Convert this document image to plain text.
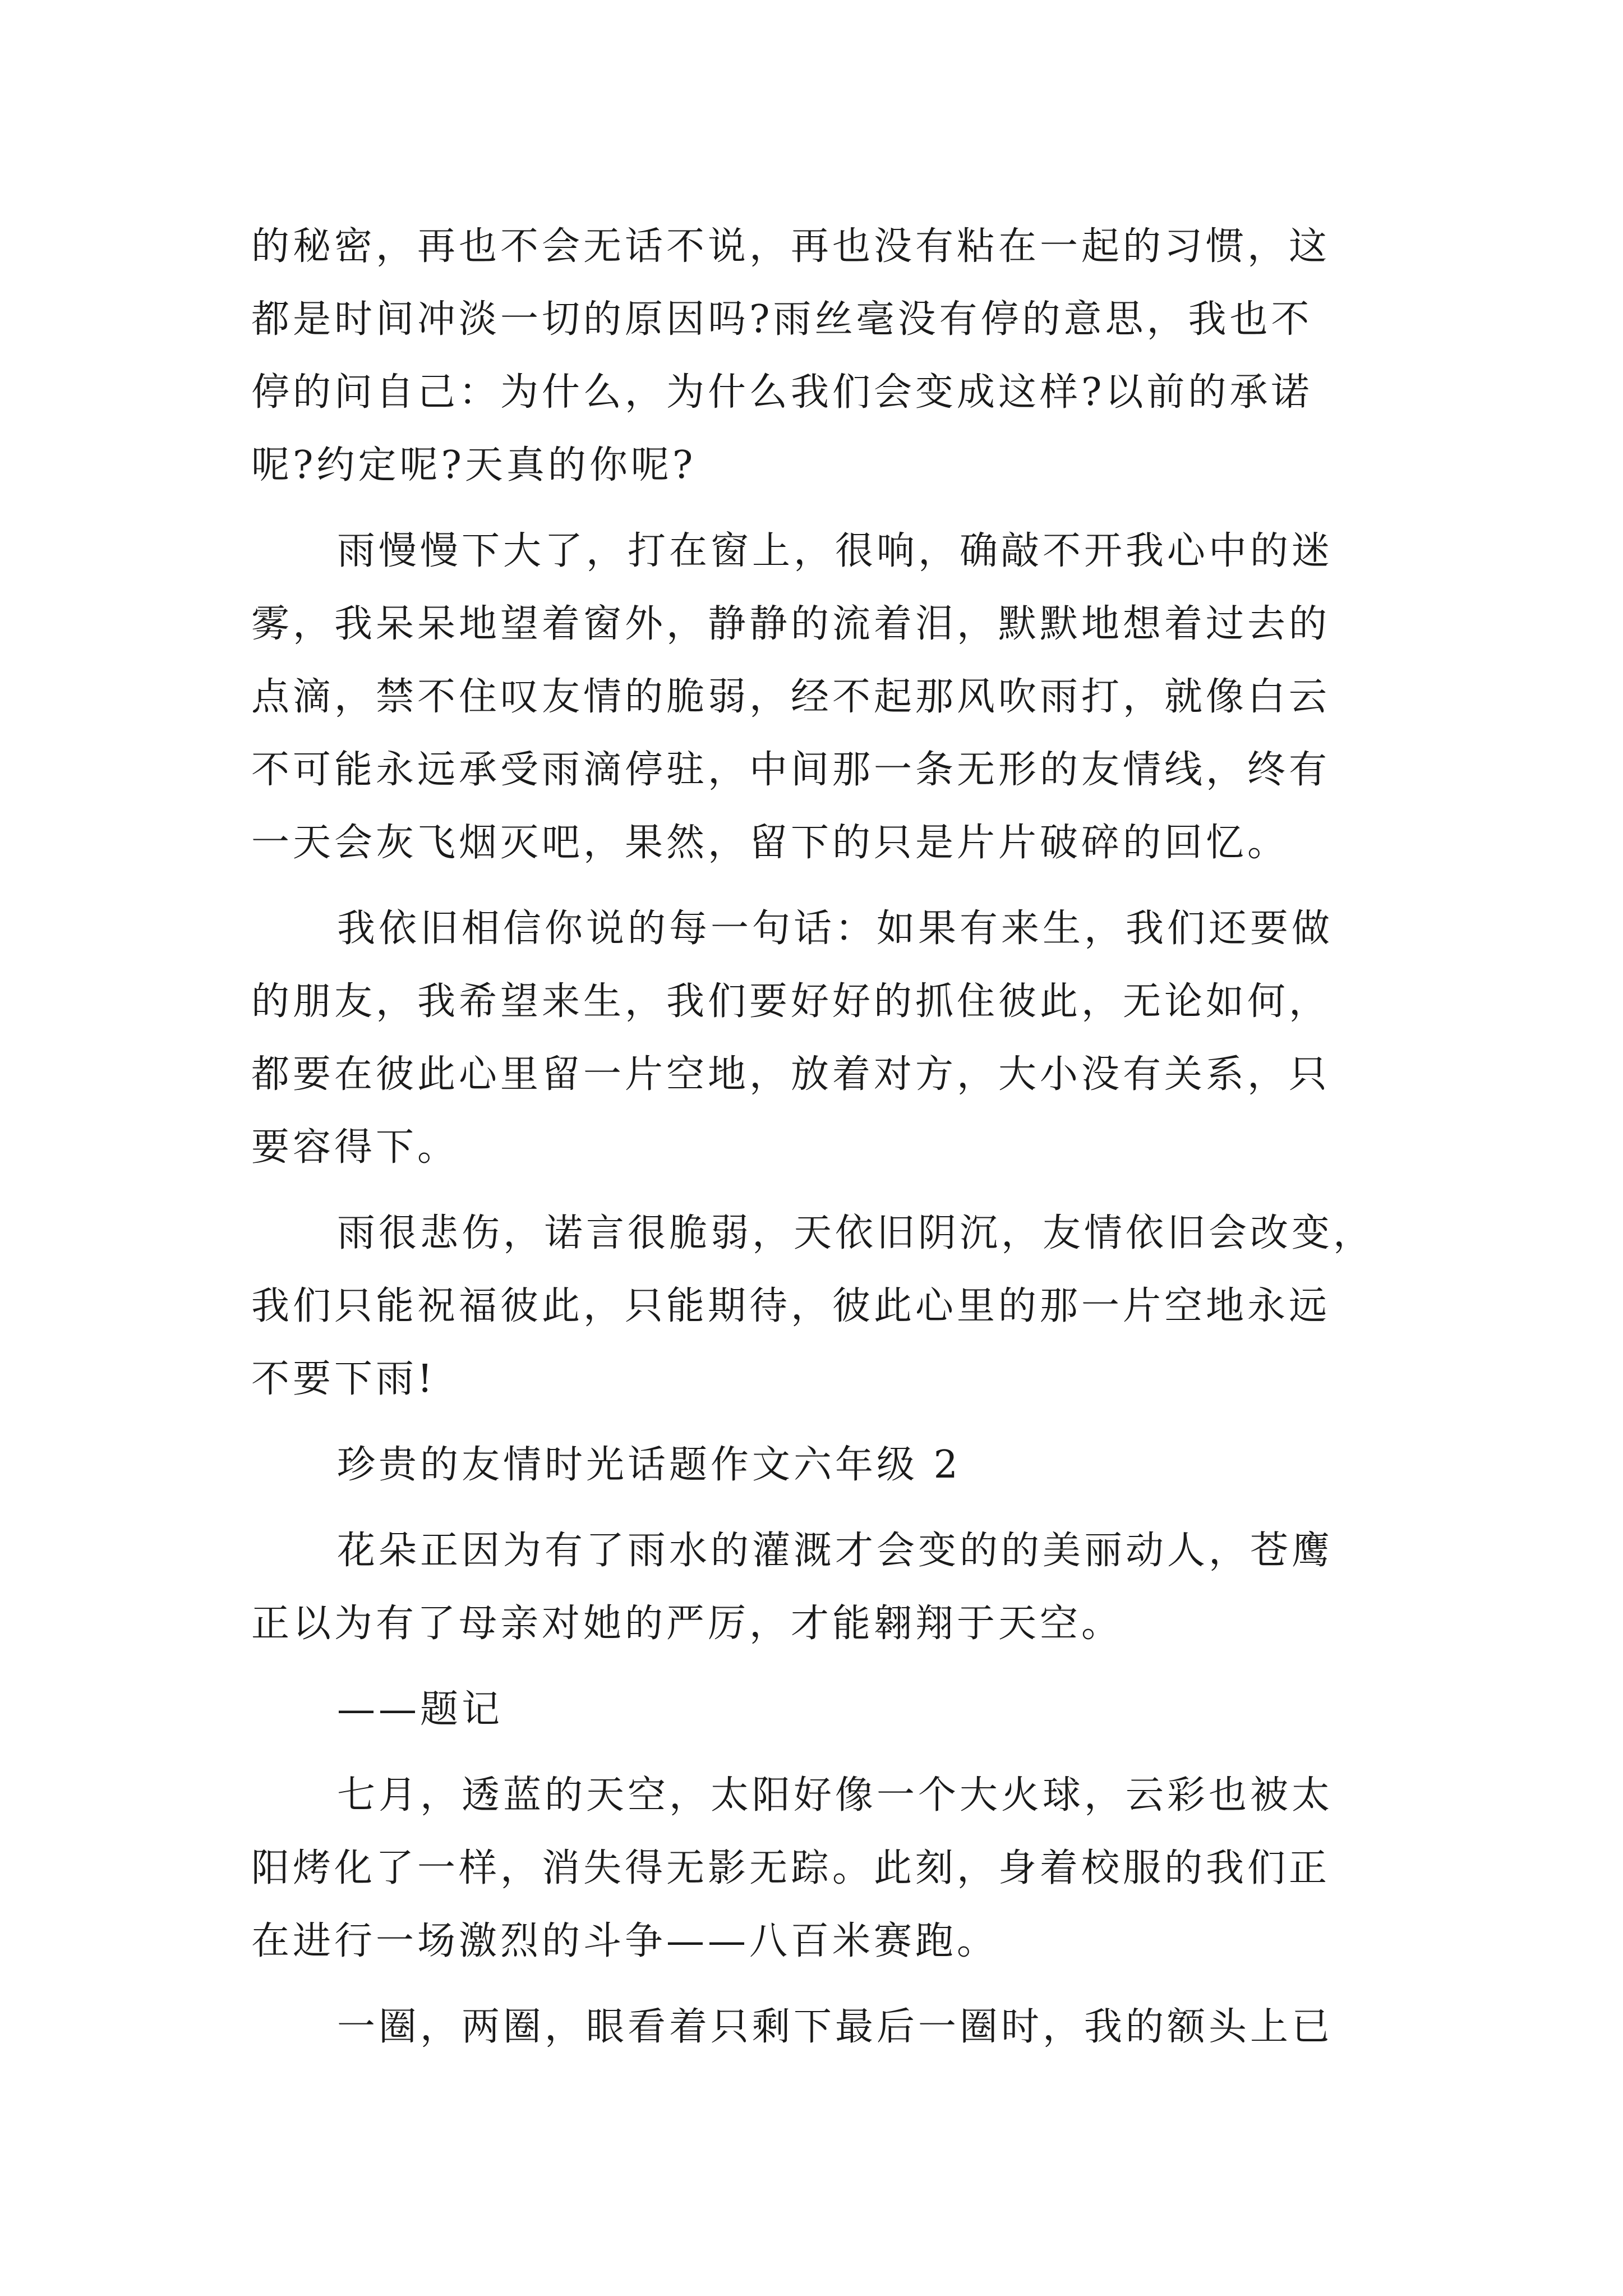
的秘密，再也不会无话不说，再也没有粘在一起的习惯，这
都是时间冲淡一切的原因吗?雨丝毫没有停的意思，我也不
停的问自己：为什么，为什么我们会变成这样?以前的承诺
呢?约定呢?天真的你呢?
雨慢慢下大了，打在窗上，很响，确敲不开我心中的迷
雾，我呆呆地望着窗外，静静的流着泪，默默地想着过去的
点滴，禁不住叹友情的脆弱，经不起那风吹雨打，就像白云
不可能永远承受雨滴停驻，中间那一条无形的友情线，终有
一天会灰飞烟灭吧，果然，留下的只是片片破碎的回忆。
我依旧相信你说的每一句话：如果有来生，我们还要做
的朋友，我希望来生，我们要好好的抓住彼此，无论如何，
都要在彼此心里留一片空地，放着对方，大小没有关系，只
要容得下。
雨很悲伤，诺言很脆弱，天依旧阴沉，友情依旧会改变，
我们只能祝福彼此，只能期待，彼此心里的那一片空地永远
不要下雨!
珍贵的友情时光话题作文六年级 2
花朵正因为有了雨水的灌溉才会变的的美丽动人，苍鹰
正以为有了母亲对她的严厉，才能翱翔于天空。
——题记
七月，透蓝的天空，太阳好像一个大火球，云彩也被太
阳烤化了一样，消失得无影无踪。此刻，身着校服的我们正
在进行一场激烈的斗争——八百米赛跑。
一圈，两圈，眼看着只剩下最后一圈时，我的额头上已
